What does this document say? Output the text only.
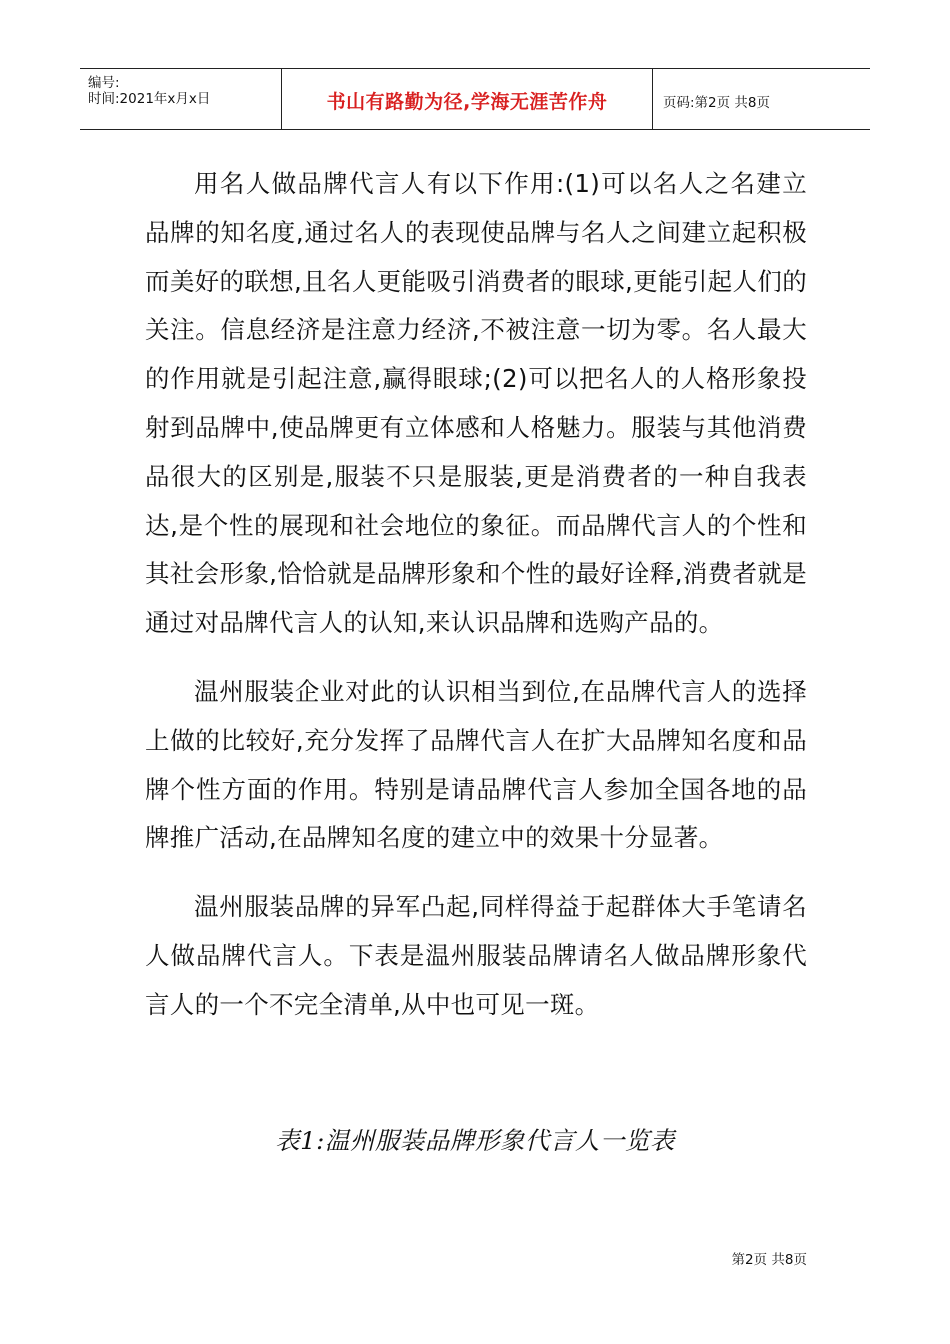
编号:
时间:2021年x月x日	书山有路勤为径,学海无涯苦作舟	页码:第2页 共8页

用名人做品牌代言人有以下作用:(1)可以名人之名建立品牌的知名度,通过名人的表现使品牌与名人之间建立起积极而美好的联想,且名人更能吸引消费者的眼球,更能引起人们的关注。信息经济是注意力经济,不被注意一切为零。名人最大的作用就是引起注意,赢得眼球;(2)可以把名人的人格形象投射到品牌中,使品牌更有立体感和人格魅力。服装与其他消费品很大的区别是,服装不只是服装,更是消费者的一种自我表达,是个性的展现和社会地位的象征。而品牌代言人的个性和其社会形象,恰恰就是品牌形象和个性的最好诠释,消费者就是通过对品牌代言人的认知,来认识品牌和选购产品的。

温州服装企业对此的认识相当到位,在品牌代言人的选择上做的比较好,充分发挥了品牌代言人在扩大品牌知名度和品牌个性方面的作用。特别是请品牌代言人参加全国各地的品牌推广活动,在品牌知名度的建立中的效果十分显著。

温州服装品牌的异军凸起,同样得益于起群体大手笔请名人做品牌代言人。下表是温州服装品牌请名人做品牌形象代言人的一个不完全清单,从中也可见一斑。

表1:温州服装品牌形象代言人一览表
第2页 共8页
